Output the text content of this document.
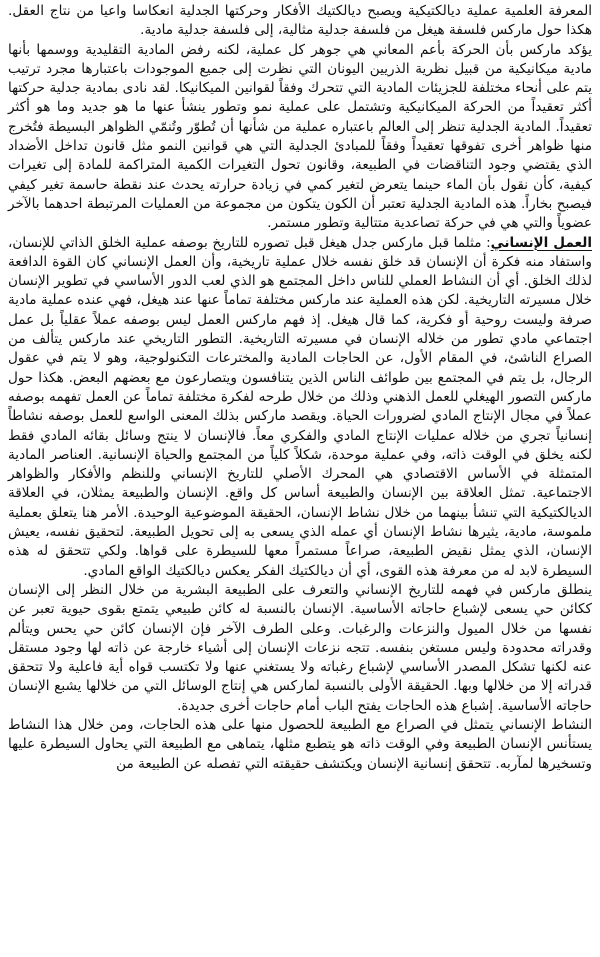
المعرفة العلمية عملية ديالكتيكية ويصبح ديالكتيك الأفكار وحركتها الجدلية انعكاسا واعيا من نتاج العقل. هكذا حول ماركس فلسفة هيغل من فلسفة جدلية مثالية، إلى فلسفة جدلية مادية.

يؤكد ماركس بأن الحركة بأعم المعاني هي جوهر كل عملية، لكنه رفض المادية التقليدية ووسمها بأنها مادية ميكانيكية من قبيل نظرية الذريين اليونان التي نظرت إلى جميع الموجودات باعتبارها مجرد ترتيب يتم على أنحاء مختلفة للجزيئات المادية التي تتحرك وفقاً لقوانين الميكانيكا. لقد نادى بمادية جدلية حركتها أكثر تعقيداً من الحركة الميكانيكية وتشتمل على عملية نمو وتطور ينشأ عنها ما هو جديد وما هو أكثر تعقيداً. المادية الجدلية تنظر إلى العالم باعتباره عملية من شأنها أن تُطوّر وتُنمّي الظواهر البسيطة فتُخرج منها ظواهر أخرى تفوقها تعقيداً وفقاً للمبادئ الجدلية التي هي قوانين النمو مثل قانون تداخل الأضداد الذي يقتضي وجود التناقضات في الطبيعة، وقانون تحول التغيرات الكمية المتراكمة للمادة إلى تغيرات كيفية، كأن نقول بأن الماء حينما يتعرض لتغير كمي في زيادة حرارته يحدث عند نقطة حاسمة تغير كيفي فيصبح بخاراً. هذه المادية الجدلية تعتبر أن الكون يتكون من مجموعة من العمليات المرتبطة احدهما بالآخر عضوياً والتي هي في حركة تصاعدية متتالية وتطور مستمر.

العمل الإنساني: مثلما قبل ماركس جدل هيغل قبل تصوره للتاريخ بوصفه عملية الخلق الذاتي للإنسان، واستفاد منه فكرة أن الإنسان قد خلق نفسه خلال عملية تاريخية، وأن العمل الإنساني كان القوة الدافعة لذلك الخلق. أي أن النشاط العملي للناس داخل المجتمع هو الذي لعب الدور الأساسي في تطوير الإنسان خلال مسيرته التاريخية. لكن هذه العملية عند ماركس مختلفة تماماً عنها عند هيغل، فهي عنده عملية مادية صرفة وليست روحية أو فكرية، كما قال هيغل. إذ فهم ماركس العمل ليس بوصفه عملاً عقلياً بل عمل اجتماعي مادي تطور من خلاله الإنسان في مسيرته التاريخية. التطور التاريخي عند ماركس يتألف من الصراع الناشئ، في المقام الأول، عن الحاجات المادية والمخترعات التكنولوجية، وهو لا يتم في عقول الرجال، بل يتم في المجتمع بين طوائف الناس الذين يتنافسون ويتصارعون مع بعضهم البعض. هكذا حول ماركس التصور الهيغلي للعمل الذهني وذلك من خلال طرحه لفكرة مختلفة تماماً عن العمل تفهمه بوصفه عملاً في مجال الإنتاج المادي لضرورات الحياة. ويقصد ماركس بذلك المعنى الواسع للعمل بوصفه نشاطاً إنسانياً تجري من خلاله عمليات الإنتاج المادي والفكري معاً. فالإنسان لا ينتج وسائل بقائه المادي فقط لكنه يخلق في الوقت ذاته، وفي عملية موحدة، شكلاً كلياً من المجتمع والحياة الإنسانية. العناصر المادية المتمثلة في الأساس الاقتصادي هي المحرك الأصلي للتاريخ الإنساني وللنظم والأفكار والظواهر الاجتماعية. تمثل العلاقة بين الإنسان والطبيعة أساس كل واقع. الإنسان والطبيعة يمثلان، في العلاقة الديالكتيكية التي تنشأ بينهما من خلال نشاط الإنسان، الحقيقة الموضوعية الوحيدة. الأمر هنا يتعلق بعملية ملموسة، مادية، يثيرها نشاط الإنسان أي عمله الذي يسعى به إلى تحويل الطبيعة. لتحقيق نفسه، يعيش الإنسان، الذي يمثل نقيض الطبيعة، صراعاً مستمراً معها للسيطرة على قواها. ولكي تتحقق له هذه السيطرة لابد له من معرفة هذه القوى، أي أن ديالكتيك الفكر يعكس ديالكتيك الواقع المادي.

ينطلق ماركس في فهمه للتاريخ الإنساني والتعرف على الطبيعة البشرية من خلال النظر إلى الإنسان ككائن حي يسعى لإشباع حاجاته الأساسية. الإنسان بالنسبة له كائن طبيعي يتمتع بقوى حيوية تعبر عن نفسها من خلال الميول والنزعات والرغبات. وعلى الطرف الآخر فإن الإنسان كائن حي يحس ويتألم وقدراته محدودة وليس مستغن بنفسه. تتجه نزعات الإنسان إلى أشياء خارجة عن ذاته لها وجود مستقل عنه لكنها تشكل المصدر الأساسي لإشباع رغباته ولا يستغني عنها ولا تكتسب قواه أية فاعلية ولا تتحقق قدراته إلا من خلالها وبها. الحقيقة الأولى بالنسبة لماركس هي إنتاج الوسائل التي من خلالها يشبع الإنسان حاجاته الأساسية. إشباع هذه الحاجات يفتح الباب أمام حاجات أخرى جديدة.

النشاط الإنساني يتمثل في الصراع مع الطبيعة للحصول منها على هذه الحاجات، ومن خلال هذا النشاط يستأنس الإنسان الطبيعة وفي الوقت ذاته هو يتطبع مثلها، يتماهى مع الطبيعة التي يحاول السيطرة عليها وتسخيرها لمآربه. تتحقق إنسانية الإنسان ويكتشف حقيقته التي تفصله عن الطبيعة من
